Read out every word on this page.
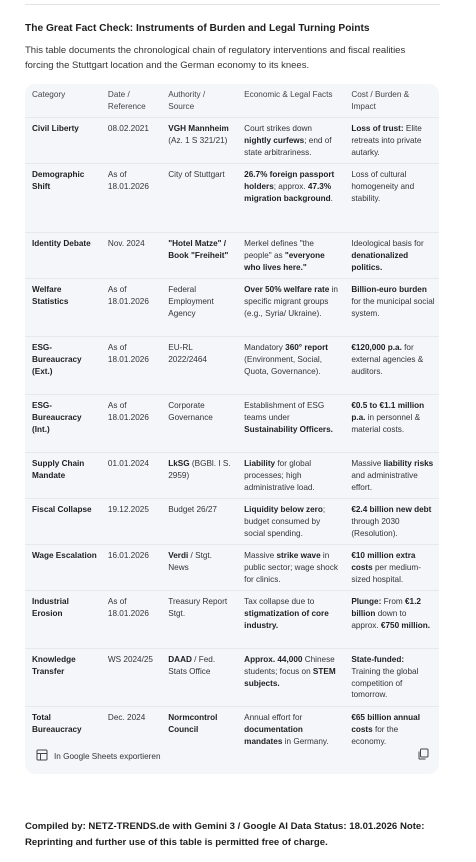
The Great Fact Check: Instruments of Burden and Legal Turning Points
This table documents the chronological chain of regulatory interventions and fiscal realities forcing the Stuttgart location and the German economy to its knees.
Category	Date / Reference	Authority / Source	Economic & Legal Facts	Cost / Burden & Impact
Civil Liberty	08.02.2021	VGH Mannheim (Az. 1 S 321/21)	Court strikes down nightly curfews; end of state arbitrariness.	Loss of trust: Elite retreats into private autarky.
Demographic Shift	As of 18.01.2026	City of Stuttgart	26.7% foreign passport holders; approx. 47.3% migration background.	Loss of cultural homogeneity and stability.
Identity Debate	Nov. 2024	"Hotel Matze" / Book "Freiheit"	Merkel defines "the people" as "everyone who lives here."	Ideological basis for denationalized politics.
Welfare Statistics	As of 18.01.2026	Federal Employment Agency	Over 50% welfare rate in specific migrant groups (e.g., Syria/ Ukraine).	Billion-euro burden for the municipal social system.
ESG-Bureaucracy (Ext.)	As of 18.01.2026	EU-RL 2022/2464	Mandatory 360° report (Environment, Social, Quota, Governance).	€120,000 p.a. for external agencies & auditors.
ESG-Bureaucracy (Int.)	As of 18.01.2026	Corporate Governance	Establishment of ESG teams under Sustainability Officers.	€0.5 to €1.1 million p.a. in personnel & material costs.
Supply Chain Mandate	01.01.2024	LkSG (BGBl. I S. 2959)	Liability for global processes; high administrative load.	Massive liability risks and administrative effort.
Fiscal Collapse	19.12.2025	Budget 26/27	Liquidity below zero; budget consumed by social spending.	€2.4 billion new debt through 2030 (Resolution).
Wage Escalation	16.01.2026	Verdi / Stgt. News	Massive strike wave in public sector; wage shock for clinics.	€10 million extra costs per medium-sized hospital.
Industrial Erosion	As of 18.01.2026	Treasury Report Stgt.	Tax collapse due to stigmatization of core industry.	Plunge: From €1.2 billion down to approx. €750 million.
Knowledge Transfer	WS 2024/25	DAAD / Fed. Stats Office	Approx. 44,000 Chinese students; focus on STEM subjects.	State-funded: Training the global competition of tomorrow.
Total Bureaucracy	Dec. 2024	Normcontrol Council	Annual effort for documentation mandates in Germany.	€65 billion annual costs for the economy.
In Google Sheets exportieren
Compiled by: NETZ-TRENDS.de with Gemini 3 / Google AI Data Status: 18.01.2026 Note: Reprinting and further use of this table is permitted free of charge.
